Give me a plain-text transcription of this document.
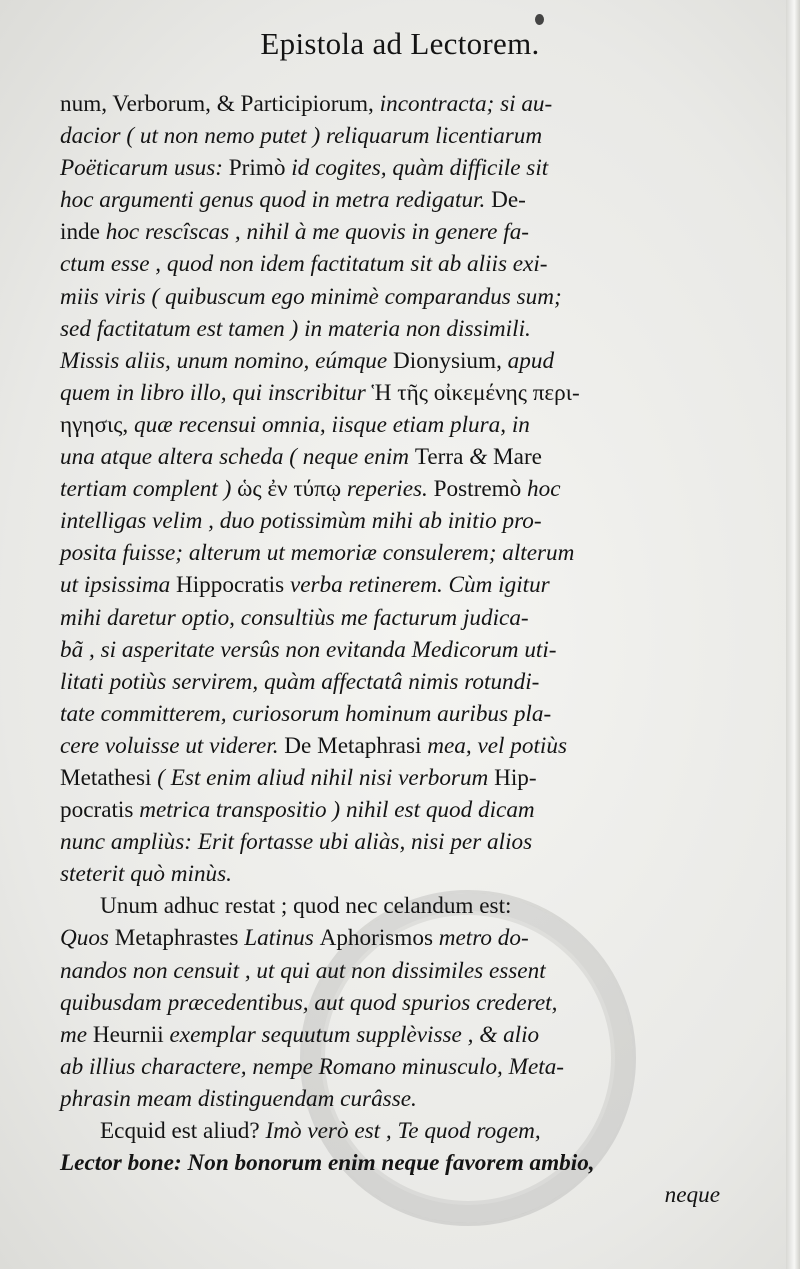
Epistola ad Lectorem.
num, Verborum, & Participiorum, incontracta; si au-
dacior ( ut non nemo putet ) reliquarum licentiarum
Poëticarum usus: Primò id cogites, quàm difficile sit
hoc argumenti genus quod in metra redigatur. De-
inde hoc rescîscas , nihil à me quovis in genere fa-
ctum esse , quod non idem factitatum sit ab aliis exi-
miis viris ( quibuscum ego minimè comparandus sum;
sed factitatum est tamen ) in materia non dissimili.
Missis aliis, unum nomino, eúmque Dionysium, apud
quem in libro illo, qui inscribitur Ἡ τῆς οἰκεμένης περι-
ηγησις, quæ recensui omnia, iisque etiam plura, in
una atque altera scheda ( neque enim Terra & Mare
tertiam complent ) ὡς ἐν τύπῳ reperies. Postremò hoc
intelligas velim , duo potissimùm mihi ab initio pro-
posita fuisse; alterum ut memoriæ consulerem; alterum
ut ipsissima Hippocratis verba retinerem. Cùm igitur
mihi daretur optio, consultiùs me facturum judica-
bã , si asperitate versûs non evitanda Medicorum uti-
litati potiùs servirem, quàm affectatâ nimis rotundi-
tate committerem, curiosorum hominum auribus pla-
cere voluisse ut viderer. De Metaphrasi mea, vel potiùs
Metathesi ( Est enim aliud nihil nisi verborum Hip-
pocratis metrica transpositio ) nihil est quod dicam
nunc ampliùs: Erit fortasse ubi aliàs, nisi per alios
steterit quò minùs.
Unum adhuc restat ; quod nec celandum est:
Quos Metaphrastes Latinus Aphorismos metro do-
nandos non censuit , ut qui aut non dissimiles essent
quibusdam præcedentibus, aut quod spurios crederet,
me Heurnii exemplar sequutum supplèvisse , & alio
ab illius charactere, nempe Romano minusculo, Meta-
phrasin meam distinguendam curâsse.
Ecquid est aliud? Imò verò est , Te quod rogem,
Lector bone: Non bonorum enim neque favorem ambio,
neque
